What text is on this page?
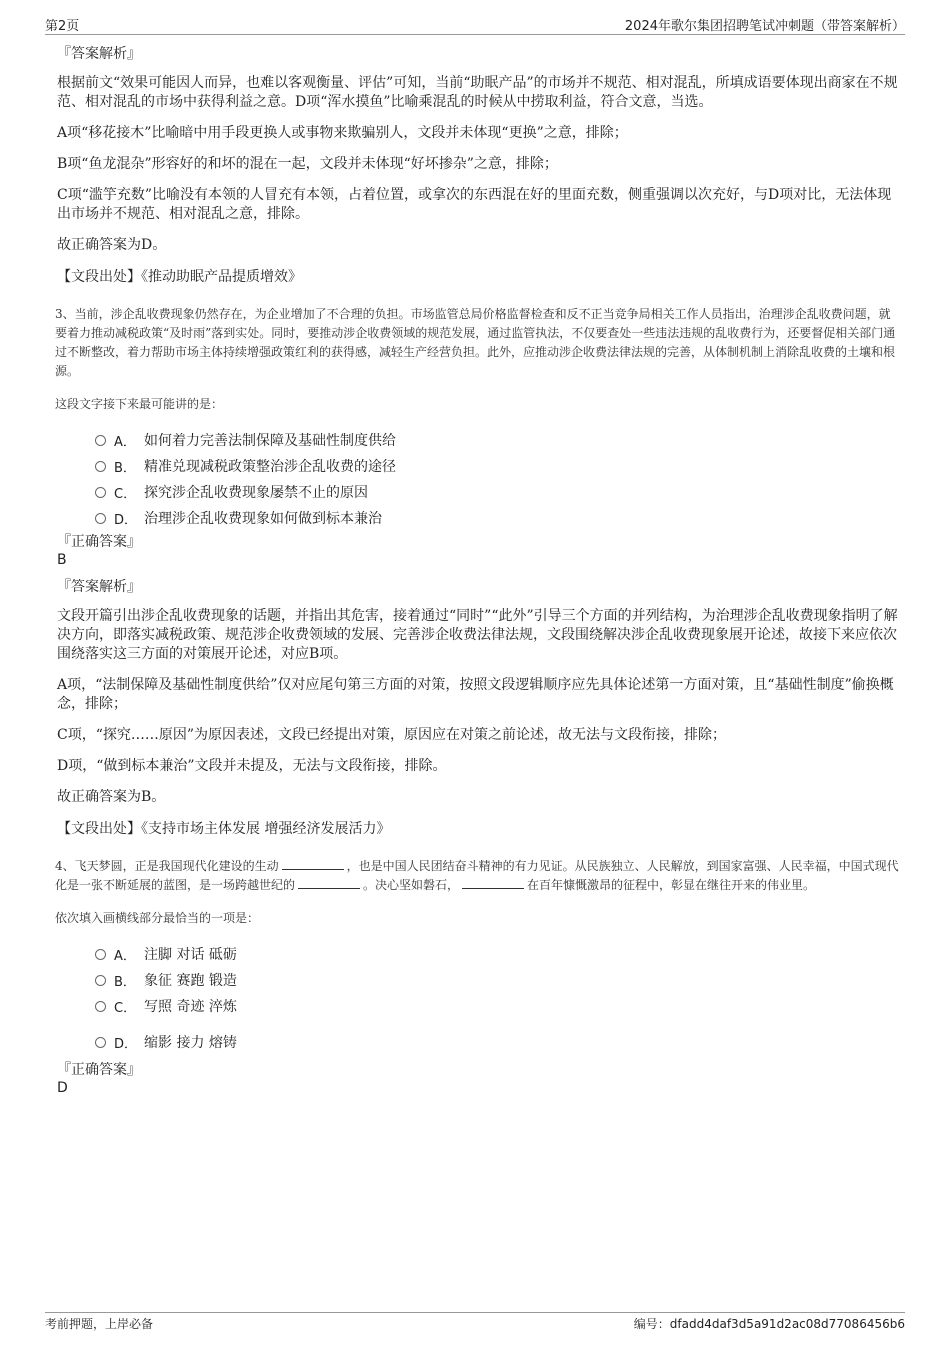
第2页	2024年歌尔集团招聘笔试冲刺题（带答案解析）
『答案解析』

根据前文“效果可能因人而异，也难以客观衡量、评估”可知，当前“助眠产品”的市场并不规范、相对混乱，所填成语要体现出商家在不规范、相对混乱的市场中获得利益之意。D项“浑水摸鱼”比喻乘混乱的时候从中捞取利益，符合文意，当选。

A项“移花接木”比喻暗中用手段更换人或事物来欺骗别人，文段并未体现“更换”之意，排除；

B项“鱼龙混杂”形容好的和坏的混在一起，文段并未体现“好坏掺杂”之意，排除；

C项“滥竽充数”比喻没有本领的人冒充有本领，占着位置，或拿次的东西混在好的里面充数，侧重强调以次充好，与D项对比，无法体现出市场并不规范、相对混乱之意，排除。

故正确答案为D。

【文段出处】《推动助眠产品提质增效》

3、当前，涉企乱收费现象仍然存在，为企业增加了不合理的负担。市场监管总局价格监督检查和反不正当竞争局相关工作人员指出，治理涉企乱收费问题，就要着力推动减税政策“及时雨”落到实处。同时，要推动涉企收费领域的规范发展，通过监管执法，不仅要查处一些违法违规的乱收费行为，还要督促相关部门通过不断整改，着力帮助市场主体持续增强政策红利的获得感，减轻生产经营负担。此外，应推动涉企收费法律法规的完善，从体制机制上消除乱收费的土壤和根源。

这段文字接下来最可能讲的是：

A． 如何着力完善法制保障及基础性制度供给
B． 精准兑现减税政策整治涉企乱收费的途径
C． 探究涉企乱收费现象屡禁不止的原因
D． 治理涉企乱收费现象如何做到标本兼治
『正确答案』
B
『答案解析』

文段开篇引出涉企乱收费现象的话题，并指出其危害，接着通过“同时”“此外”引导三个方面的并列结构，为治理涉企乱收费现象指明了解决方向，即落实减税政策、规范涉企收费领域的发展、完善涉企收费法律法规，文段围绕解决涉企乱收费现象展开论述，故接下来应依次围绕落实这三方面的对策展开论述，对应B项。

A项，“法制保障及基础性制度供给”仅对应尾句第三方面的对策，按照文段逻辑顺序应先具体论述第一方面对策，且“基础性制度”偷换概念，排除；

C项，“探究……原因”为原因表述，文段已经提出对策，原因应在对策之前论述，故无法与文段衔接，排除；

D项，“做到标本兼治”文段并未提及，无法与文段衔接，排除。

故正确答案为B。

【文段出处】《支持市场主体发展 增强经济发展活力》

4、飞天梦圆，正是我国现代化建设的生动	，也是中国人民团结奋斗精神的有力见证。从民族独立、人民解放，到国家富强、人民幸福，中国式现代化是一张不断延展的蓝图，是一场跨越世纪的	。决心坚如磐石，	在百年慷慨激昂的征程中，彰显在继往开来的伟业里。

依次填入画横线部分最恰当的一项是：

A． 注脚 对话 砥砺
B． 象征 赛跑 锻造
C． 写照 奇迹 淬炼
D． 缩影 接力 熔铸
『正确答案』
D
考前押题，上岸必备	编号：dfadd4daf3d5a91d2ac08d77086456b6
